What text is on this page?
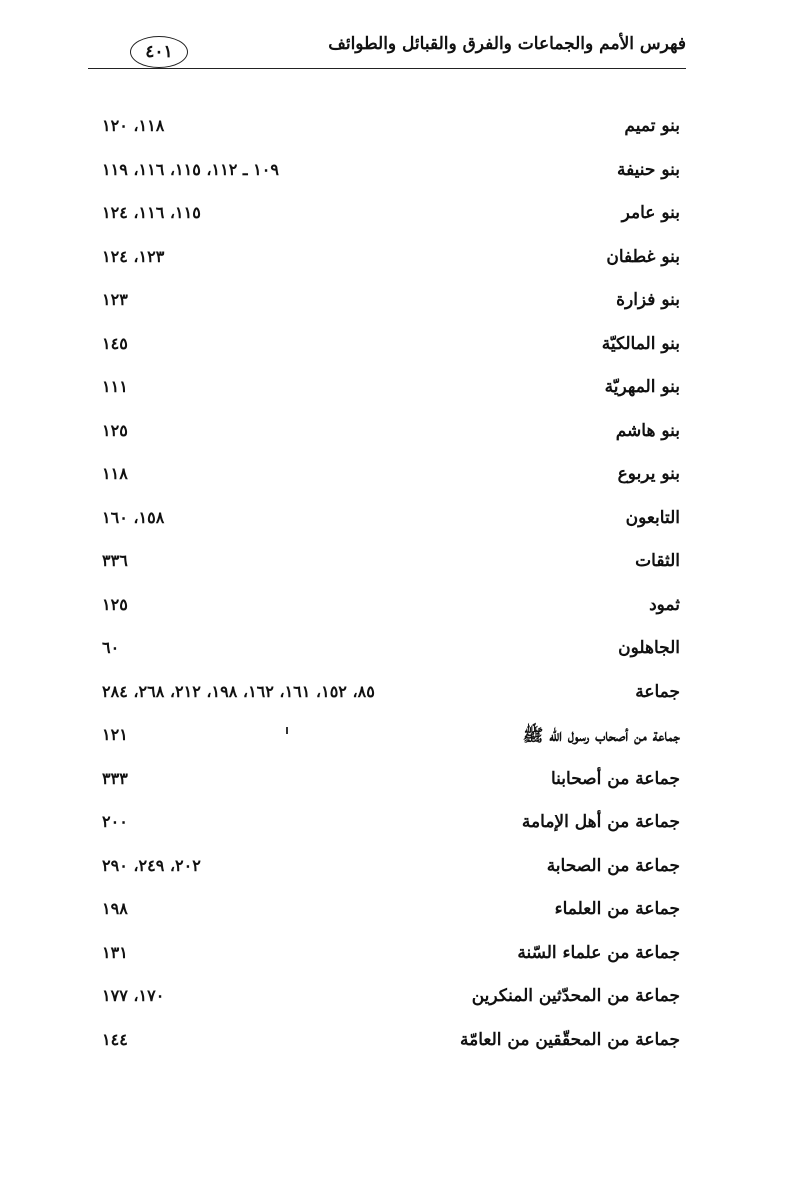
فهرس الأمم والجماعات والفرق والقبائل والطوائف
٤٠١
بنو تميم
١١٨، ١٢٠
بنو حنيفة
١٠٩ ـ ١١٢، ١١٥، ١١٦، ١١٩
بنو عامر
١١٥، ١١٦، ١٢٤
بنو غطفان
١٢٣، ١٢٤
بنو فزارة
١٢٣
بنو المالكيّة
١٤٥
بنو المهريّة
١١١
بنو هاشم
١٢٥
بنو يربوع
١١٨
التابعون
١٥٨، ١٦٠
الثقات
٣٣٦
ثمود
١٢٥
الجاهلون
٦٠
جماعة
٨٥، ١٥٢، ١٦١، ١٦٢، ١٩٨، ٢١٢، ٢٦٨، ٢٨٤
جماعة من أصحاب رسول الله ﷺ
١٢١
جماعة من أصحابنا
٣٣٣
جماعة من أهل الإمامة
٢٠٠
جماعة من الصحابة
٢٠٢، ٢٤٩، ٢٩٠
جماعة من العلماء
١٩٨
جماعة من علماء السّنة
١٣١
جماعة من المحدّثين المنكرين
١٧٠، ١٧٧
جماعة من المحقّقين من العامّة
١٤٤
